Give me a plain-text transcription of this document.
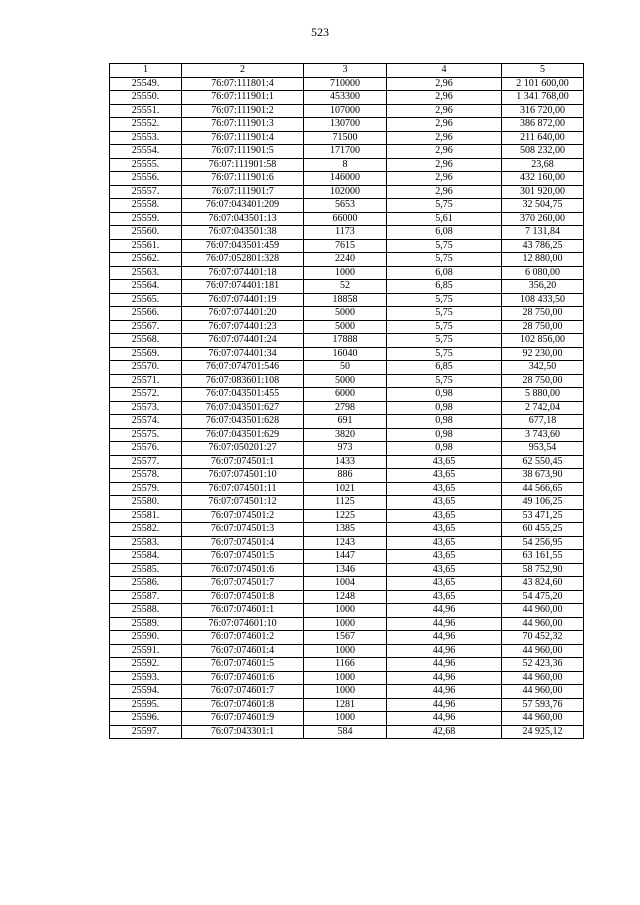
523
1	2	3	4	5
25549.	76:07:111801:4	710000	2,96	2 101 600,00
25550.	76:07:111901:1	453300	2,96	1 341 768,00
25551.	76:07:111901:2	107000	2,96	316 720,00
25552.	76:07:111901:3	130700	2,96	386 872,00
25553.	76:07:111901:4	71500	2,96	211 640,00
25554.	76:07:111901:5	171700	2,96	508 232,00
25555.	76:07:111901:58	8	2,96	23,68
25556.	76:07:111901:6	146000	2,96	432 160,00
25557.	76:07:111901:7	102000	2,96	301 920,00
25558.	76:07:043401:209	5653	5,75	32 504,75
25559.	76:07:043501:13	66000	5,61	370 260,00
25560.	76:07:043501:38	1173	6,08	7 131,84
25561.	76:07:043501:459	7615	5,75	43 786,25
25562.	76:07:052801:328	2240	5,75	12 880,00
25563.	76:07:074401:18	1000	6,08	6 080,00
25564.	76:07:074401:181	52	6,85	356,20
25565.	76:07:074401:19	18858	5,75	108 433,50
25566.	76:07:074401:20	5000	5,75	28 750,00
25567.	76:07:074401:23	5000	5,75	28 750,00
25568.	76:07:074401:24	17888	5,75	102 856,00
25569.	76:07:074401:34	16040	5,75	92 230,00
25570.	76:07:074701:546	50	6,85	342,50
25571.	76:07:083601:108	5000	5,75	28 750,00
25572.	76:07:043501:455	6000	0,98	5 880,00
25573.	76:07:043501:627	2798	0,98	2 742,04
25574.	76:07:043501:628	691	0,98	677,18
25575.	76:07:043501:629	3820	0,98	3 743,60
25576.	76:07:050201:27	973	0,98	953,54
25577.	76:07:074501:1	1433	43,65	62 550,45
25578.	76:07:074501:10	886	43,65	38 673,90
25579.	76:07:074501:11	1021	43,65	44 566,65
25580.	76:07:074501:12	1125	43,65	49 106,25
25581.	76:07:074501:2	1225	43,65	53 471,25
25582.	76:07:074501:3	1385	43,65	60 455,25
25583.	76:07:074501:4	1243	43,65	54 256,95
25584.	76:07:074501:5	1447	43,65	63 161,55
25585.	76:07:074501:6	1346	43,65	58 752,90
25586.	76:07:074501:7	1004	43,65	43 824,60
25587.	76:07:074501:8	1248	43,65	54 475,20
25588.	76:07:074601:1	1000	44,96	44 960,00
25589.	76:07:074601:10	1000	44,96	44 960,00
25590.	76:07:074601:2	1567	44,96	70 452,32
25591.	76:07:074601:4	1000	44,96	44 960,00
25592.	76:07:074601:5	1166	44,96	52 423,36
25593.	76:07:074601:6	1000	44,96	44 960,00
25594.	76:07:074601:7	1000	44,96	44 960,00
25595.	76:07:074601:8	1281	44,96	57 593,76
25596.	76:07:074601:9	1000	44,96	44 960,00
25597.	76:07:043301:1	584	42,68	24 925,12
